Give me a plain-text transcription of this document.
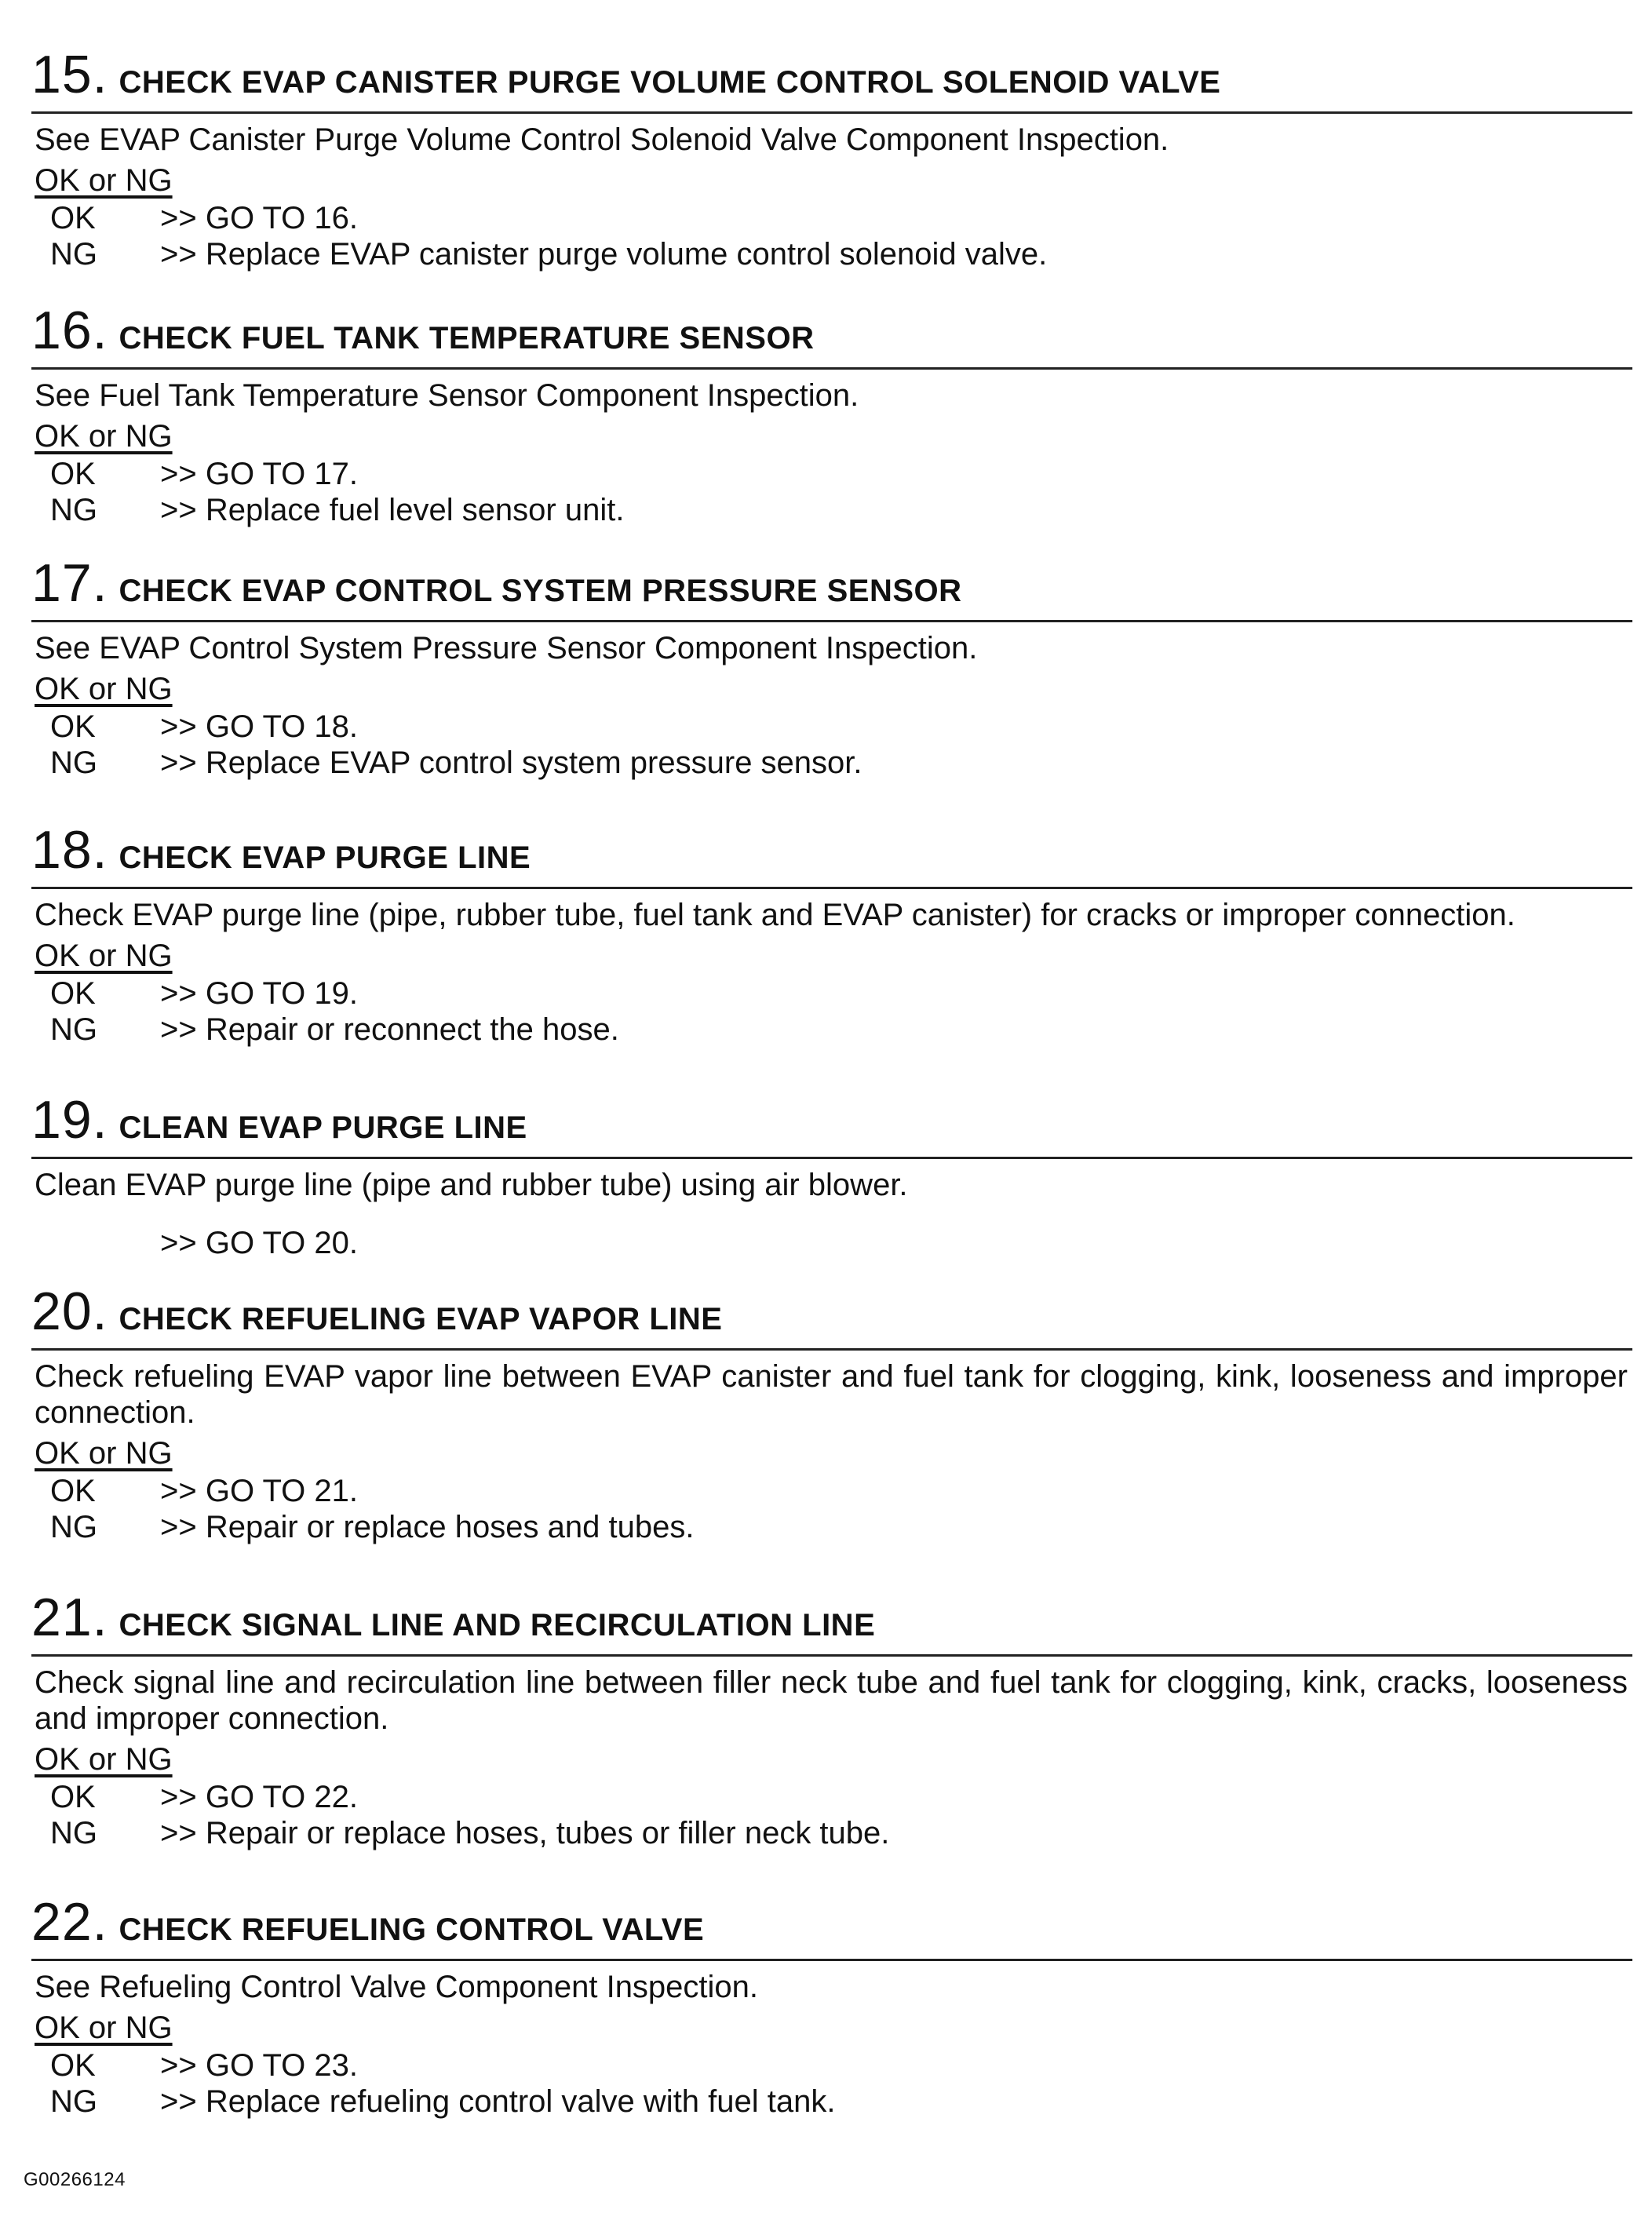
15. CHECK EVAP CANISTER PURGE VOLUME CONTROL SOLENOID VALVE
See EVAP Canister Purge Volume Control Solenoid Valve Component Inspection.
OK or NG
OK	>> GO TO 16.
NG	>> Replace EVAP canister purge volume control solenoid valve.
16. CHECK FUEL TANK TEMPERATURE SENSOR
See Fuel Tank Temperature Sensor Component Inspection.
OK or NG
OK	>> GO TO 17.
NG	>> Replace fuel level sensor unit.
17. CHECK EVAP CONTROL SYSTEM PRESSURE SENSOR
See EVAP Control System Pressure Sensor Component Inspection.
OK or NG
OK	>> GO TO 18.
NG	>> Replace EVAP control system pressure sensor.
18. CHECK EVAP PURGE LINE
Check EVAP purge line (pipe, rubber tube, fuel tank and EVAP canister) for cracks or improper connection.
OK or NG
OK	>> GO TO 19.
NG	>> Repair or reconnect the hose.
19. CLEAN EVAP PURGE LINE
Clean EVAP purge line (pipe and rubber tube) using air blower.
>> GO TO 20.
20. CHECK REFUELING EVAP VAPOR LINE
Check refueling EVAP vapor line between EVAP canister and fuel tank for clogging, kink, looseness and improper connection.
OK or NG
OK	>> GO TO 21.
NG	>> Repair or replace hoses and tubes.
21. CHECK SIGNAL LINE AND RECIRCULATION LINE
Check signal line and recirculation line between filler neck tube and fuel tank for clogging, kink, cracks, looseness and improper connection.
OK or NG
OK	>> GO TO 22.
NG	>> Repair or replace hoses, tubes or filler neck tube.
22. CHECK REFUELING CONTROL VALVE
See Refueling Control Valve Component Inspection.
OK or NG
OK	>> GO TO 23.
NG	>> Replace refueling control valve with fuel tank.
G00266124
